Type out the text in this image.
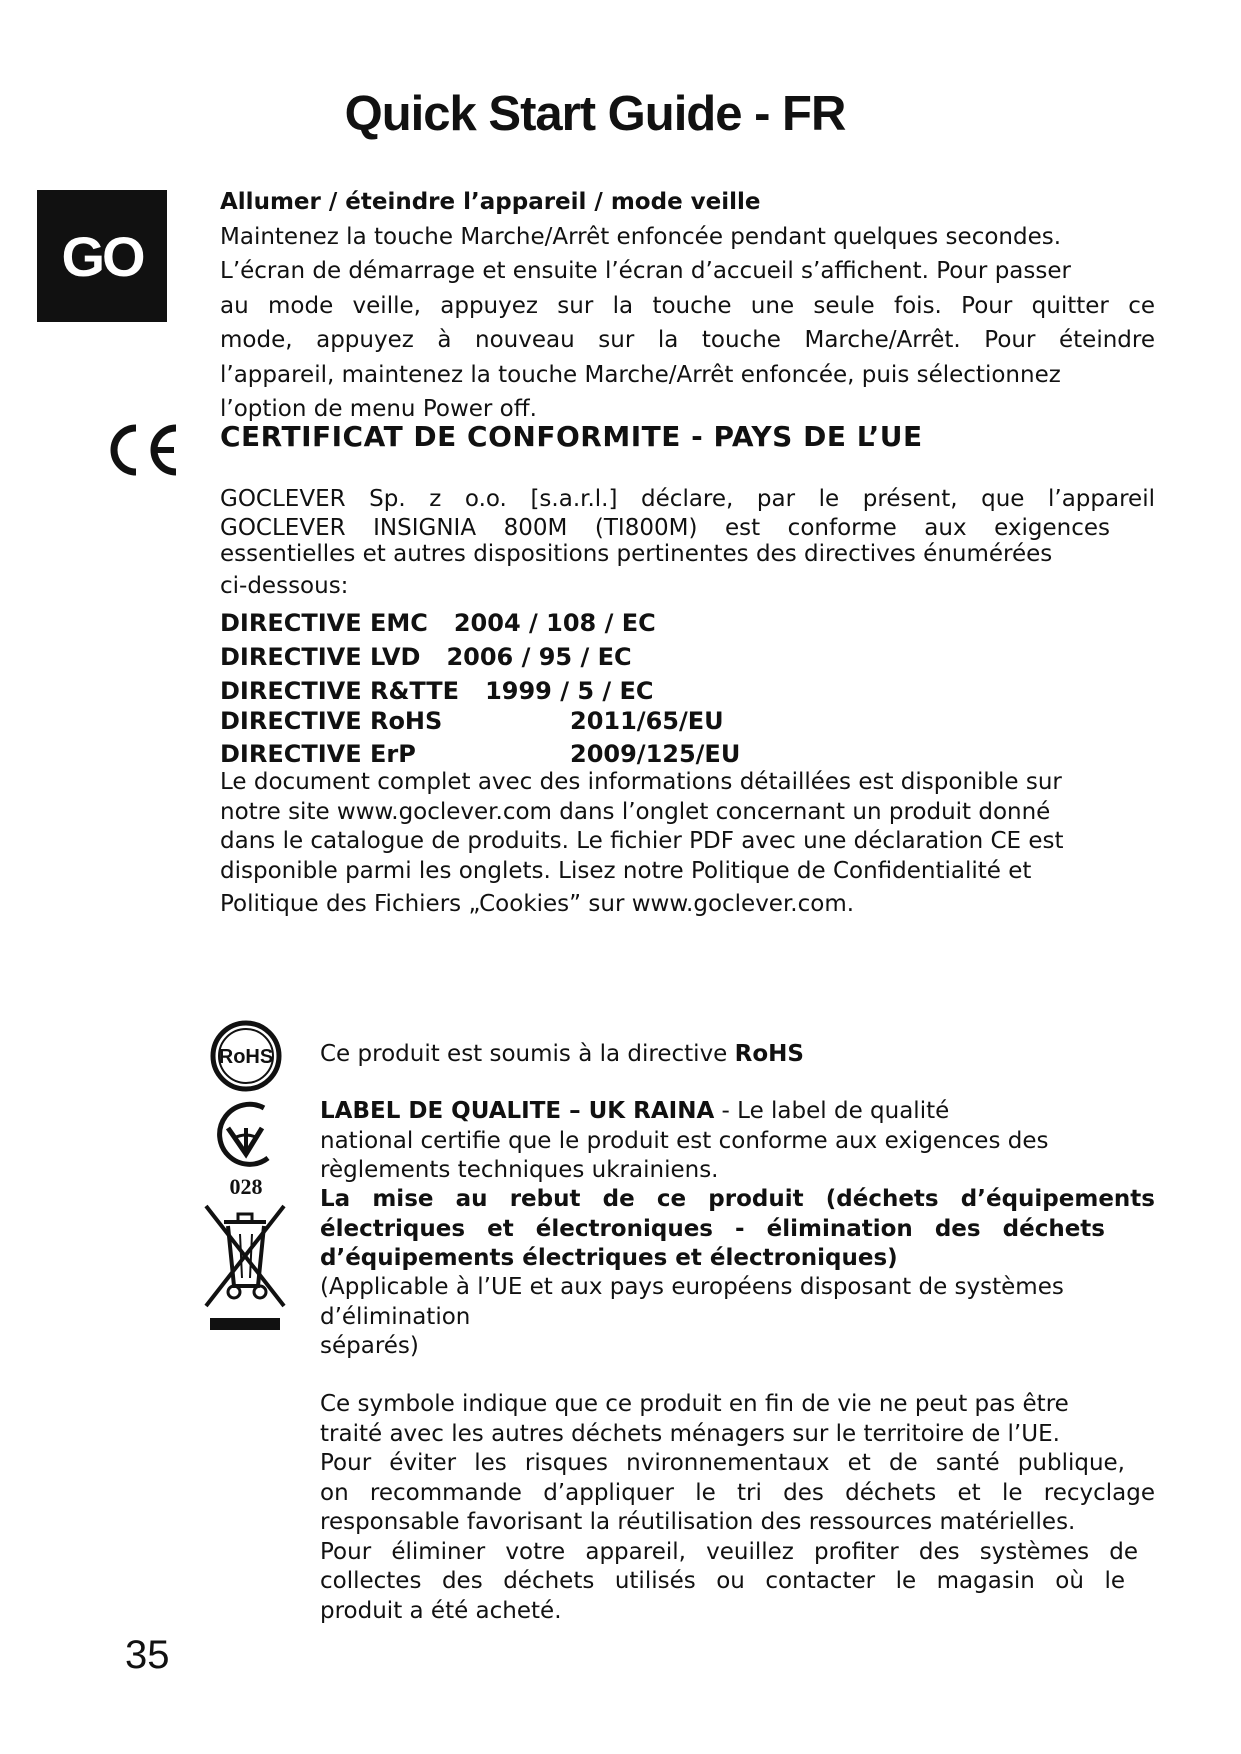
Quick Start Guide - FR
GO
Allumer / éteindre l’appareil / mode veille
Maintenez la touche Marche/Arrêt enfoncée pendant quelques secondes.
L’écran de démarrage et ensuite l’écran d’accueil s’affichent. Pour passer
au mode veille, appuyez sur la touche une seule fois. Pour quitter ce
mode, appuyez à nouveau sur la touche Marche/Arrêt. Pour éteindre
l’appareil, maintenez la touche Marche/Arrêt enfoncée, puis sélectionnez
l’option de menu Power off.
CERTIFICAT DE CONFORMITE - PAYS DE L’UE
GOCLEVER Sp. z o.o. [s.a.r.l.] déclare, par le présent, que l’appareil
GOCLEVER INSIGNIA 800M (TI800M) est conforme aux exigences
essentielles et autres dispositions pertinentes des directives énumérées
ci-dessous:
DIRECTIVE EMC 2004 / 108 / EC
DIRECTIVE LVD 2006 / 95 / EC
DIRECTIVE R&TTE 1999 / 5 / EC
DIRECTIVE RoHS	2011/65/EU
DIRECTIVE ErP	2009/125/EU
Le document complet avec des informations détaillées est disponible sur
notre site www.goclever.com dans l’onglet concernant un produit donné
dans le catalogue de produits. Le fichier PDF avec une déclaration CE est
disponible parmi les onglets. Lisez notre Politique de Confidentialité et
Politique des Fichiers „Cookies” sur www.goclever.com.
RoHS
028
Ce produit est soumis à la directive RoHS
LABEL DE QUALITE – UK RAINA - Le label de qualité
national certifie que le produit est conforme aux exigences des
règlements techniques ukrainiens.
La mise au rebut de ce produit (déchets d’équipements
électriques et électroniques - élimination des déchets
d’équipements électriques et électroniques)
(Applicable à l’UE et aux pays européens disposant de systèmes
d’élimination
séparés)
Ce symbole indique que ce produit en fin de vie ne peut pas être
traité avec les autres déchets ménagers sur le territoire de l’UE.
Pour éviter les risques nvironnementaux et de santé publique,
on recommande d’appliquer le tri des déchets et le recyclage
responsable favorisant la réutilisation des ressources matérielles.
Pour éliminer votre appareil, veuillez profiter des systèmes de
collectes des déchets utilisés ou contacter le magasin où le
produit a été acheté.
35
